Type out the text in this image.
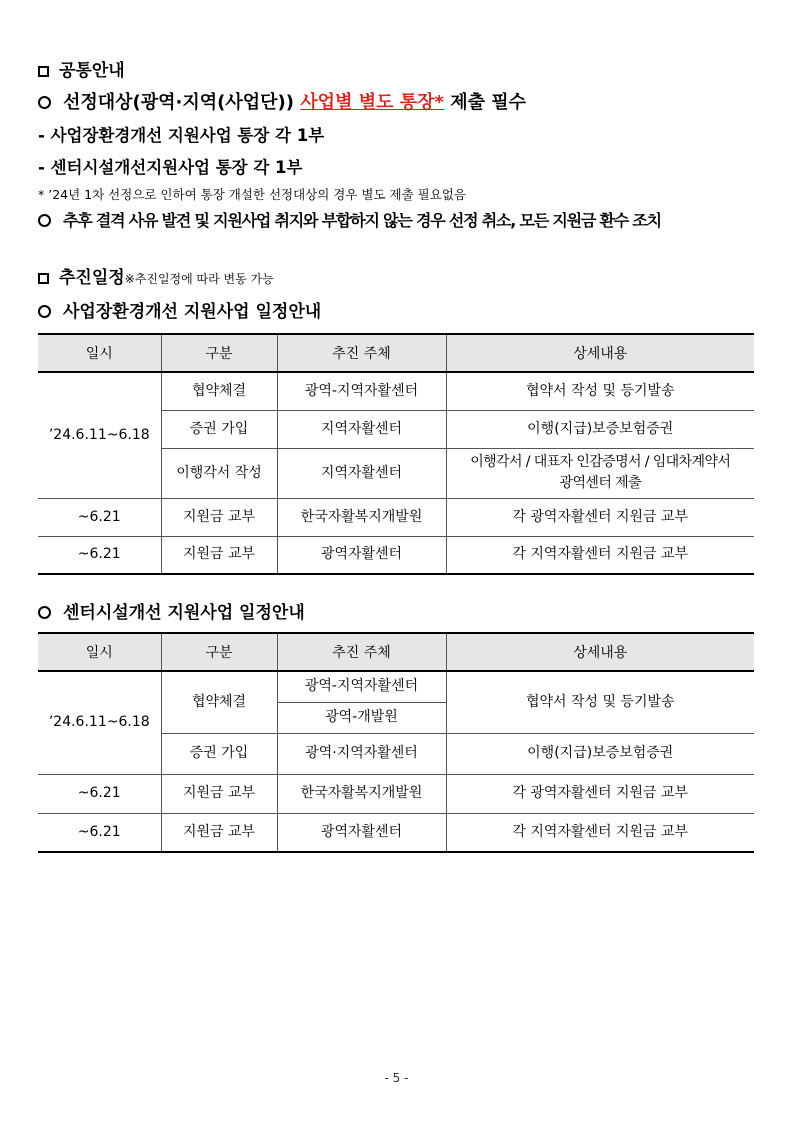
공통안내
선정대상(광역·지역(사업단)) 사업별 별도 통장* 제출 필수
- 사업장환경개선 지원사업 통장 각 1부
- 센터시설개선지원사업 통장 각 1부
* ’24년 1차 선정으로 인하여 통장 개설한 선정대상의 경우 별도 제출 필요없음
추후 결격 사유 발견 및 지원사업 취지와 부합하지 않는 경우 선정 취소, 모든 지원금 환수 조치
추진일정※추진일정에 따라 변동 가능
사업장환경개선 지원사업 일정안내
일시	구분	추진 주체	상세내용
’24.6.11~6.18	협약체결	광역-지역자활센터	협약서 작성 및 등기발송
	증권 가입	지역자활센터	이행(지급)보증보험증권
	이행각서 작성	지역자활센터	이행각서 / 대표자 인감증명서 / 임대차계약서
광역센터 제출

~6.21	지원금 교부	한국자활복지개발원	각 광역자활센터 지원금 교부
~6.21	지원금 교부	광역자활센터	각 지역자활센터 지원금 교부
센터시설개선 지원사업 일정안내
일시	구분	추진 주체	상세내용
’24.6.11~6.18	협약체결	광역-지역자활센터	협약서 작성 및 등기발송
		광역-개발원	
	증권 가입	광역·지역자활센터	이행(지급)보증보험증권
~6.21	지원금 교부	한국자활복지개발원	각 광역자활센터 지원금 교부
~6.21	지원금 교부	광역자활센터	각 지역자활센터 지원금 교부
- 5 -
